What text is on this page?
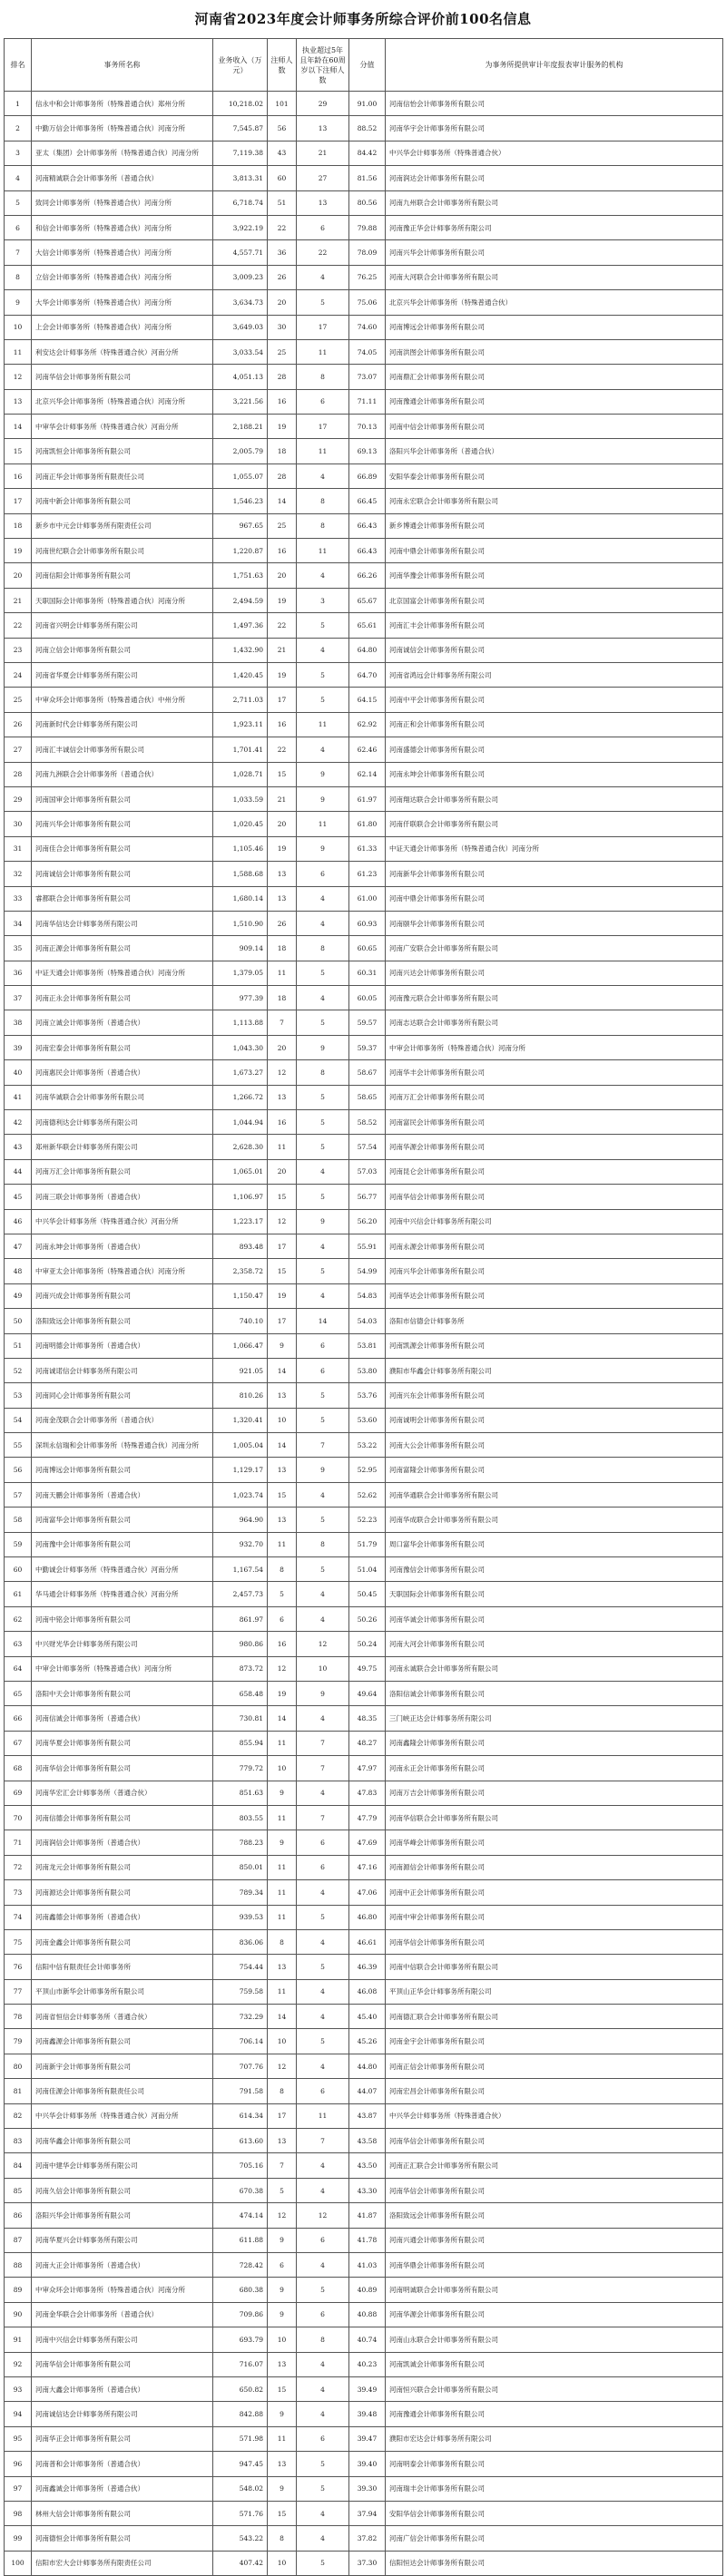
河南省2023年度会计师事务所综合评价前100名信息
排名	事务所名称	业务收入（万元）	注师人数	执业超过5年且年龄在60周岁以下注师人数	分值	为事务所提供审计年度报表审计服务的机构
1	信永中和会计师事务所（特殊普通合伙）郑州分所	10,218.02	101	29	91.00	河南信怡会计师事务所有限公司
2	中勤万信会计师事务所（特殊普通合伙）河南分所	7,545.87	56	13	88.52	河南华宇会计师事务所有限公司
3	亚太（集团）会计师事务所（特殊普通合伙）河南分所	7,119.38	43	21	84.42	中兴华会计师事务所（特殊普通合伙）
4	河南精诚联合会计师事务所（普通合伙）	3,813.31	60	27	81.56	河南润达会计师事务所有限公司
5	致同会计师事务所（特殊普通合伙）河南分所	6,718.74	51	13	80.56	河南九州联合会计师事务所有限公司
6	和信会计师事务所（特殊普通合伙）河南分所	3,922.19	22	6	79.88	河南豫正华会计师事务所有限公司
7	大信会计师事务所（特殊普通合伙）河南分所	4,557.71	36	22	78.09	河南兴华会计师事务所有限公司
8	立信会计师事务所（特殊普通合伙）河南分所	3,009.23	26	4	76.25	河南大河联合会计师事务所有限公司
9	大华会计师事务所（特殊普通合伙）河南分所	3,634.73	20	5	75.06	北京兴华会计师事务所（特殊普通合伙）
10	上会会计师事务所（特殊普通合伙）河南分所	3,649.03	30	17	74.60	河南博远会计师事务所有限公司
11	利安达会计师事务所（特殊普通合伙）河南分所	3,033.54	25	11	74.05	河南洪图会计师事务所有限公司
12	河南华信会计师事务所有限公司	4,051.13	28	8	73.07	河南鼎汇会计师事务所有限公司
13	北京兴华会计师事务所（特殊普通合伙）河南分所	3,221.56	16	6	71.11	河南豫通会计师事务所有限公司
14	中审华会计师事务所（特殊普通合伙）河南分所	2,188.21	19	17	70.13	河南中信会计师事务所有限公司
15	河南凯恒会计师事务所有限公司	2,005.79	18	11	69.13	洛阳兴华会计师事务所（普通合伙）
16	河南正华会计师事务所有限责任公司	1,055.07	28	4	66.89	安阳华泰会计师事务所有限公司
17	河南中新会计师事务所有限公司	1,546.23	14	8	66.45	河南永宏联合会计师事务所有限公司
18	新乡市中元会计师事务所有限责任公司	967.65	25	8	66.43	新乡博通会计师事务所有限公司
19	河南世纪联合会计师事务所有限公司	1,220.87	16	11	66.43	河南中鼎会计师事务所有限公司
20	河南信阳会计师事务所有限公司	1,751.63	20	4	66.26	河南华豫会计师事务所有限公司
21	天职国际会计师事务所（特殊普通合伙）河南分所	2,494.59	19	3	65.67	北京国富会计师事务所有限公司
22	河南省兴明会计师事务所有限公司	1,497.36	22	5	65.61	河南汇丰会计师事务所有限公司
23	河南立信会计师事务所有限公司	1,432.90	21	4	64.80	河南诚信会计师事务所有限公司
24	河南省华夏会计师事务所有限公司	1,420.45	19	5	64.70	河南省鸿远会计师事务所有限公司
25	中审众环会计师事务所（特殊普通合伙）中州分所	2,711.03	17	5	64.15	河南中平会计师事务所有限公司
26	河南新时代会计师事务所有限公司	1,923.11	16	11	62.92	河南正和会计师事务所有限公司
27	河南汇丰诚信会计师事务所有限公司	1,701.41	22	4	62.46	河南盛德会计师事务所有限公司
28	河南九洲联合会计师事务所（普通合伙）	1,028.71	15	9	62.14	河南永坤会计师事务所有限公司
29	河南国审会计师事务所有限公司	1,033.59	21	9	61.97	河南翔达联合会计师事务所有限公司
30	河南兴华会计师事务所有限公司	1,020.45	20	11	61.80	河南仟联联合会计师事务所有限公司
31	河南佳合会计师事务所有限公司	1,105.46	19	9	61.33	中证天通会计师事务所（特殊普通合伙）河南分所
32	河南诚信会计师事务所有限公司	1,588.68	13	6	61.23	河南新华会计师事务所有限公司
33	睿都联合会计师事务所有限公司	1,680.14	13	4	61.00	河南中鼎会计师事务所有限公司
34	河南华信达会计师事务所有限公司	1,510.90	26	4	60.93	河南颐华会计师事务所有限公司
35	河南正源会计师事务所有限公司	909.14	18	8	60.65	河南广安联合会计师事务所有限公司
36	中证天通会计师事务所（特殊普通合伙）河南分所	1,379.05	11	5	60.31	河南兴达会计师事务所有限公司
37	河南正永会计师事务所有限公司	977.39	18	4	60.05	河南豫元联合会计师事务所有限公司
38	河南立诚会计师事务所（普通合伙）	1,113.88	7	5	59.57	河南志达联合会计师事务所有限公司
39	河南宏泰会计师事务所有限公司	1,043.30	20	9	59.37	中审会计师事务所（特殊普通合伙）河南分所
40	河南惠民会计师事务所（普通合伙）	1,673.27	12	8	58.67	河南华丰会计师事务所有限公司
41	河南华诚联合会计师事务所有限公司	1,266.72	13	5	58.65	河南万汇会计师事务所有限公司
42	河南德利达会计师事务所有限公司	1,044.94	16	5	58.52	河南富民会计师事务所有限公司
43	郑州新华联会计师事务所有限公司	2,628.30	11	5	57.54	河南华源会计师事务所有限公司
44	河南万汇会计师事务所有限公司	1,065.01	20	4	57.03	河南昆仑会计师事务所有限公司
45	河南三联会计师事务所（普通合伙）	1,106.97	15	5	56.77	河南华信会计师事务所有限公司
46	中兴华会计师事务所（特殊普通合伙）河南分所	1,223.17	12	9	56.20	河南中兴信会计师事务所有限公司
47	河南永坤会计师事务所（普通合伙）	893.48	17	4	55.91	河南永源会计师事务所有限公司
48	中审亚太会计师事务所（特殊普通合伙）河南分所	2,358.72	15	5	54.99	河南兴华会计师事务所有限公司
49	河南兴成会计师事务所有限公司	1,150.47	19	4	54.83	河南华达会计师事务所有限公司
50	洛阳致远会计师事务所有限公司	740.10	17	14	54.03	洛阳市信德会计师事务所
51	河南明德会计师事务所（普通合伙）	1,066.47	9	6	53.81	河南凯源会计师事务所有限公司
52	河南诚诺信会计师事务所有限公司	921.05	14	6	53.80	濮阳市华鑫会计师事务所有限公司
53	河南同心会计师事务所有限公司	810.26	13	5	53.76	河南兴东会计师事务所有限公司
54	河南金茂联合会计师事务所（普通合伙）	1,320.41	10	5	53.60	河南诚明会计师事务所有限公司
55	深圳永信瑞和会计师事务所（特殊普通合伙）河南分所	1,005.04	14	7	53.22	河南大公会计师事务所有限公司
56	河南博远会计师事务所有限公司	1,129.17	13	9	52.95	河南富隆会计师事务所有限公司
57	河南天鹏会计师事务所（普通合伙）	1,023.74	15	4	52.62	河南华通联合会计师事务所有限公司
58	河南富华会计师事务所有限公司	964.90	13	5	52.23	河南华成联合会计师事务所有限公司
59	河南豫中会计师事务所有限公司	932.70	11	8	51.79	周口富华会计师事务所有限公司
60	中勤诚会计师事务所（特殊普通合伙）河南分所	1,167.54	8	5	51.04	河南豫信会计师事务所有限公司
61	华马通会计师事务所（特殊普通合伙）河南分所	2,457.73	5	4	50.45	天职国际会计师事务所有限公司
62	河南中铭会计师事务所有限公司	861.97	6	4	50.26	河南华诚会计师事务所有限公司
63	中兴财光华会计师事务所有限公司	980.86	16	12	50.24	河南大河会计师事务所有限公司
64	中审会计师事务所（特殊普通合伙）河南分所	873.72	12	10	49.75	河南永诚联合会计师事务所有限公司
65	洛阳中天会计师事务所有限公司	658.48	19	9	49.64	洛阳信诚会计师事务所有限公司
66	河南信诚会计师事务所（普通合伙）	730.81	14	4	48.35	三门峡正达会计师事务所有限公司
67	河南华夏会计师事务所有限公司	855.94	11	7	48.27	河南鑫隆会计师事务所有限公司
68	河南华信会计师事务所有限公司	779.72	10	7	47.97	河南永正会计师事务所有限公司
69	河南华宏汇会计师事务所（普通合伙）	851.63	9	4	47.83	河南万吉会计师事务所有限公司
70	河南信德会计师事务所有限公司	803.55	11	7	47.79	河南华信联合会计师事务所有限公司
71	河南润信会计师事务所（普通合伙）	788.23	9	6	47.69	河南华峰会计师事务所有限公司
72	河南龙元会计师事务所有限公司	850.01	11	6	47.16	河南源信会计师事务所有限公司
73	河南源达会计师事务所有限公司	789.34	11	4	47.06	河南中正会计师事务所有限公司
74	河南鑫德会计师事务所（普通合伙）	939.53	11	5	46.80	河南中审会计师事务所有限公司
75	河南金鑫会计师事务所有限公司	836.06	8	4	46.61	河南华信会计师事务所有限公司
76	信阳中信有限责任会计师事务所	754.44	13	5	46.39	河南中信联合会计师事务所有限公司
77	平顶山市新华会计师事务所有限公司	759.58	11	4	46.08	平顶山正华会计师事务所有限公司
78	河南省恒信会计师事务所（普通合伙）	732.29	14	4	45.40	河南德汇联合会计师事务所有限公司
79	河南鑫源会计师事务所有限公司	706.14	10	5	45.26	河南金宇会计师事务所有限公司
80	河南新宇会计师事务所有限公司	707.76	12	4	44.80	河南正信会计师事务所有限公司
81	河南佳源会计师事务所有限责任公司	791.58	8	6	44.07	河南宏昌会计师事务所有限公司
82	中兴华会计师事务所（特殊普通合伙）河南分所	614.34	17	11	43.87	中兴华会计师事务所（特殊普通合伙）
83	河南华鑫会计师事务所有限公司	613.60	13	7	43.58	河南华信会计师事务所有限公司
84	河南中建华会计师事务所有限公司	705.16	7	4	43.50	河南正汇联合会计师事务所有限公司
85	河南久信会计师事务所有限公司	670.38	5	4	43.30	河南华信会计师事务所有限公司
86	洛阳兴华会计师事务所有限公司	474.14	12	12	41.87	洛阳致远会计师事务所有限公司
87	河南华夏兴会计师事务所有限公司	611.88	9	6	41.78	河南兴通会计师事务所有限公司
88	河南大正会计师事务所（普通合伙）	728.42	6	4	41.03	河南华鼎会计师事务所有限公司
89	中审众环会计师事务所（特殊普通合伙）河南分所	680.38	9	5	40.89	河南明诚联合会计师事务所有限公司
90	河南金华联合会计师事务所（普通合伙）	709.86	9	6	40.88	河南华源会计师事务所有限公司
91	河南中兴信会计师事务所有限公司	693.79	10	8	40.74	河南山永联合会计师事务所有限公司
92	河南华信会计师事务所有限公司	716.07	13	4	40.23	河南凯诚会计师事务所有限公司
93	河南大鑫会计师事务所（普通合伙）	650.82	15	4	39.49	河南恒兴联合会计师事务所有限公司
94	河南诚信达会计师事务所有限公司	842.88	9	4	39.48	河南豫通会计师事务所有限公司
95	河南华正会计师事务所有限公司	571.98	11	6	39.47	濮阳市宏达会计师事务所有限公司
96	河南普和会计师事务所（普通合伙）	947.45	13	5	39.40	河南明泰会计师事务所有限公司
97	河南鑫诚会计师事务所（普通合伙）	548.02	9	5	39.30	河南瑞丰会计师事务所有限公司
98	林州大信会计师事务所有限公司	571.76	15	4	37.94	安阳华信会计师事务所有限公司
99	河南德恒会计师事务所有限公司	543.22	8	4	37.82	河南广信会计师事务所有限公司
100	信阳市宏大会计师事务所有限责任公司	407.42	10	5	37.30	信阳恒达会计师事务所有限公司
